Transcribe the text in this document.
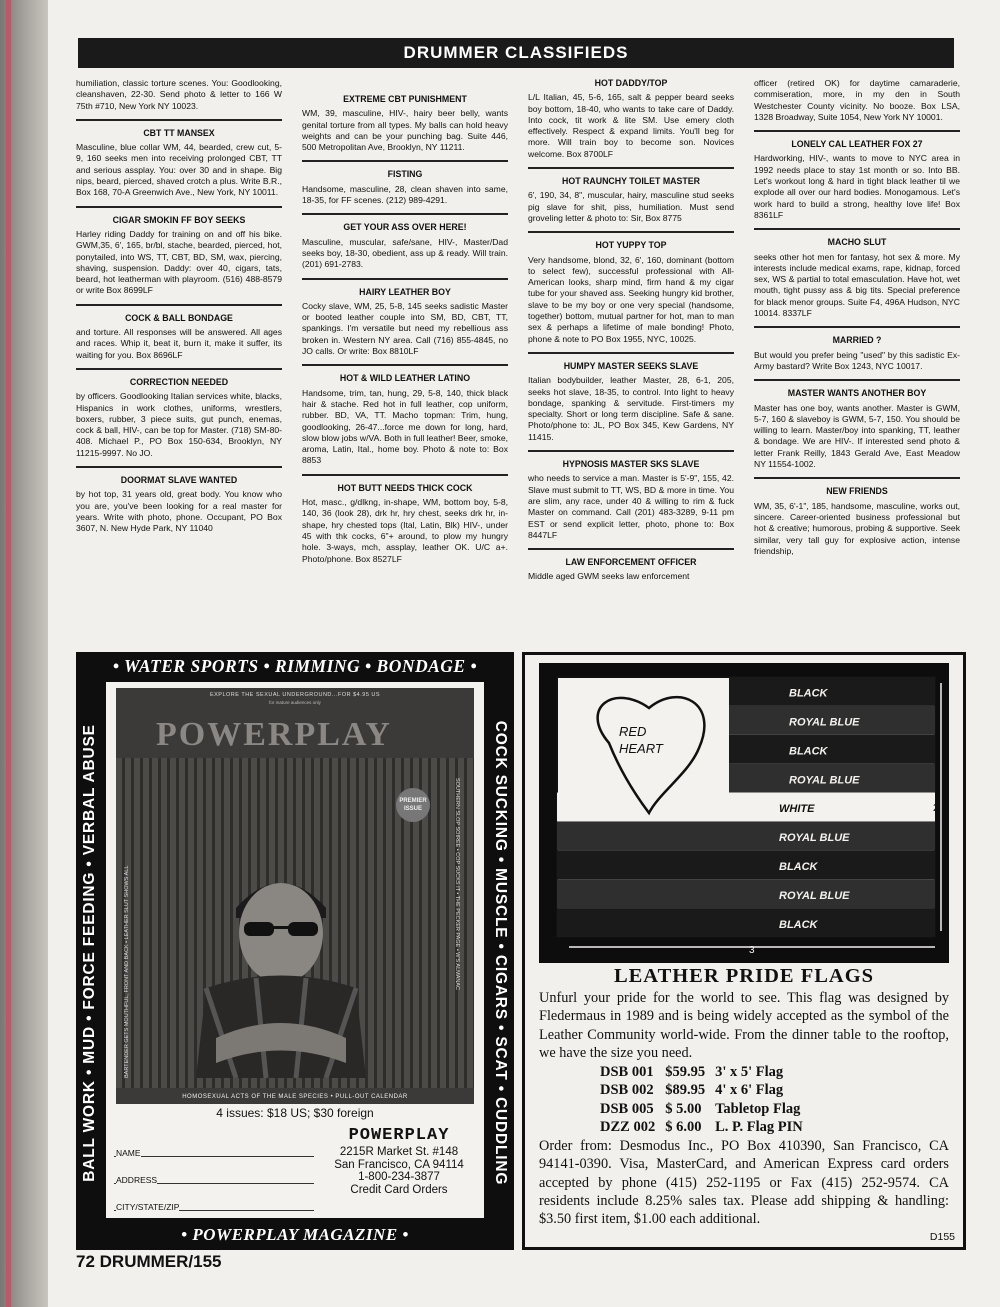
DRUMMER CLASSIFIEDS

humiliation, classic torture scenes. You: Goodlooking, cleanshaven, 22-30. Send photo & letter to 166 W 75th #710, New York NY 10023.

CBT TT MANSEX

Masculine, blue collar WM, 44, bearded, crew cut, 5-9, 160 seeks men into receiving prolonged CBT, TT and serious assplay. You: over 30 and in shape. Big nips, beard, pierced, shaved crotch a plus. Write B.R., Box 168, 70-A Greenwich Ave., New York, NY 10011.

CIGAR SMOKIN FF BOY SEEKS

Harley riding Daddy for training on and off his bike. GWM,35, 6', 165, br/bl, stache, bearded, pierced, hot, ponytailed, into WS, TT, CBT, BD, SM, wax, piercing, shaving, suspension. Daddy: over 40, cigars, tats, beard, hot leatherman with playroom. (516) 488-8579 or write Box 8699LF

COCK & BALL BONDAGE

and torture. All responses will be answered. All ages and races. Whip it, beat it, burn it, make it suffer, its waiting for you. Box 8696LF

CORRECTION NEEDED

by officers. Goodlooking Italian services white, blacks, Hispanics in work clothes, uniforms, wrestlers, boxers, rubber, 3 piece suits, gut punch, enemas, cock & ball, HIV-, can be top for Master. (718) SM-80-408. Michael P., PO Box 150-634, Brooklyn, NY 11215-9997. No JO.

DOORMAT SLAVE WANTED

by hot top, 31 years old, great body. You know who you are, you've been looking for a real master for years. Write with photo, phone. Occupant, PO Box 3607, N. New Hyde Park, NY 11040

EXTREME CBT PUNISHMENT

WM, 39, masculine, HIV-, hairy beer belly, wants genital torture from all types. My balls can hold heavy weights and can be your punching bag. Suite 446, 500 Metropolitan Ave, Brooklyn, NY 11211.

FISTING

Handsome, masculine, 28, clean shaven into same, 18-35, for FF scenes. (212) 989-4291.

GET YOUR ASS OVER HERE!

Masculine, muscular, safe/sane, HIV-, Master/Dad seeks boy, 18-30, obedient, ass up & ready. Will train. (201) 691-2783.

HAIRY LEATHER BOY

Cocky slave, WM, 25, 5-8, 145 seeks sadistic Master or booted leather couple into SM, BD, CBT, TT, spankings. I'm versatile but need my rebellious ass broken in. Western NY area. Call (716) 855-4845, no JO calls. Or write: Box 8810LF

HOT & WILD LEATHER LATINO

Handsome, trim, tan, hung, 29, 5-8, 140, thick black hair & stache. Red hot in full leather, cop uniform, rubber. BD, VA, TT. Macho topman: Trim, hung, goodlooking, 26-47...force me down for long, hard, slow blow jobs w/VA. Both in full leather! Beer, smoke, aroma, Latin, Ital., home boy. Photo & note to: Box 8853

HOT BUTT NEEDS THICK COCK

Hot, masc., g/dlkng, in-shape, WM, bottom boy, 5-8, 140, 36 (look 28), drk hr, hry chest, seeks drk hr, in-shape, hry chested tops (Ital, Latin, Blk) HIV-, under 45 with thk cocks, 6"+ around, to plow my hungry hole. 3-ways, mch, assplay, leather OK. U/C a+. Photo/phone. Box 8527LF

HOT DADDY/TOP

L/L Italian, 45, 5-6, 165, salt & pepper beard seeks boy bottom, 18-40, who wants to take care of Daddy. Into cock, tit work & lite SM. Use emery cloth effectively. Respect & expand limits. You'll beg for more. Will train boy to become son. Novices welcome. Box 8700LF

HOT RAUNCHY TOILET MASTER

6', 190, 34, 8", muscular, hairy, masculine stud seeks pig slave for shit, piss, humiliation. Must send groveling letter & photo to: Sir, Box 8775

HOT YUPPY TOP

Very handsome, blond, 32, 6', 160, dominant (bottom to select few), successful professional with All-American looks, sharp mind, firm hand & my cigar tube for your shaved ass. Seeking hungry kid brother, slave to be my boy or one very special (handsome, together) bottom, mutual partner for hot, man to man sex & perhaps a lifetime of male bonding! Photo, phone & note to PO Box 1955, NYC, 10025.

HUMPY MASTER SEEKS SLAVE

Italian bodybuilder, leather Master, 28, 6-1, 205, seeks hot slave, 18-35, to control. Into light to heavy bondage, spanking & servitude. First-timers my specialty. Short or long term discipline. Safe & sane. Photo/phone to: JL, PO Box 345, Kew Gardens, NY 11415.

HYPNOSIS MASTER SKS SLAVE

who needs to service a man. Master is 5'-9", 155, 42. Slave must submit to TT, WS, BD & more in time. You are slim, any race, under 40 & willing to rim & fuck Master on command. Call (201) 483-3289, 9-11 pm EST or send explicit letter, photo, phone to: Box 8447LF

LAW ENFORCEMENT OFFICER

Middle aged GWM seeks law enforcement

officer (retired OK) for daytime camaraderie, commiseration, more, in my den in South Westchester County vicinity. No booze. Box LSA, 1328 Broadway, Suite 1054, New York NY 10001.

LONELY CAL LEATHER FOX 27

Hardworking, HIV-, wants to move to NYC area in 1992 needs place to stay 1st month or so. Into BB. Let's workout long & hard in tight black leather til we explode all over our hard bodies. Monogamous. Let's work hard to build a strong, healthy love life! Box 8361LF

MACHO SLUT

seeks other hot men for fantasy, hot sex & more. My interests include medical exams, rape, kidnap, forced sex, WS & partial to total emasculation. Have hot, wet mouth, tight pussy ass & big tits. Special preference for black menor groups. Suite F4, 496A Hudson, NYC 10014. 8337LF

MARRIED ?

But would you prefer being "used" by this sadistic Ex-Army bastard? Write Box 1243, NYC 10017.

MASTER WANTS ANOTHER BOY

Master has one boy, wants another. Master is GWM, 5-7, 160 & slaveboy is GWM, 5-7, 150. You should be willing to learn. Master/boy into spanking, TT, leather & bondage. We are HIV-. If interested send photo & letter Frank Reilly, 1843 Gerald Ave, East Meadow NY 11554-1002.

NEW FRIENDS

WM, 35, 6'-1", 185, handsome, masculine, works out, sincere. Career-oriented business professional but hot & creative; humorous, probing & supportive. Seek similar, very tall guy for explosive action, intense friendship,

• WATER SPORTS • RIMMING • BONDAGE •
BALL WORK • MUD • FORCE FEEDING • VERBAL ABUSE	COCK SUCKING • MUSCLE • CIGARS • SCAT • CUDDLING
• POWERPLAY MAGAZINE •
EXPLORE THE SEXUAL UNDERGROUND...FOR $4.95 US
for mature audiences only
POWERPLAY
PREMIER ISSUE
BARTENDER GETS MOUTHFUL, FRONT AND BACK • LEATHER SLUT SHOWS ALL	SOUTHERN SLOP SOIREE • COP SUCKS IT • THE PECKER PAGE • W'S ALMANAC
HOMOSEXUAL ACTS OF THE MALE SPECIES • PULL-OUT CALENDAR
4 issues: $18 US; $30 foreign
NAME
ADDRESS
CITY/STATE/ZIP
POWERPLAY
2215R Market St. #148
San Francisco, CA 94114
1-800-234-3877
Credit Card Orders
BLACK
ROYAL BLUE
BLACK
ROYAL BLUE
WHITE
ROYAL BLUE
BLACK
ROYAL BLUE
BLACK
RED
HEART
3
2
LEATHER PRIDE FLAGS
Unfurl your pride for the world to see. This flag was designed by Fledermaus in 1989 and is being widely accepted as the symbol of the Leather Community world-wide. From the dinner table to the rooftop, we have the size you need.
DSB 001	$59.95	3' x 5' Flag
DSB 002	$89.95	4' x 6' Flag
DSB 005	$ 5.00	Tabletop Flag
DZZ 002	$ 6.00	L. P. Flag PIN
Order from: Desmodus Inc., PO Box 410390, San Francisco, CA 94141-0390. Visa, MasterCard, and American Express card orders accepted by phone (415) 252-1195 or Fax (415) 252-9574. CA residents include 8.25% sales tax. Please add shipping & handling: $3.50 first item, $1.00 each additional.
D155
72 DRUMMER/155
